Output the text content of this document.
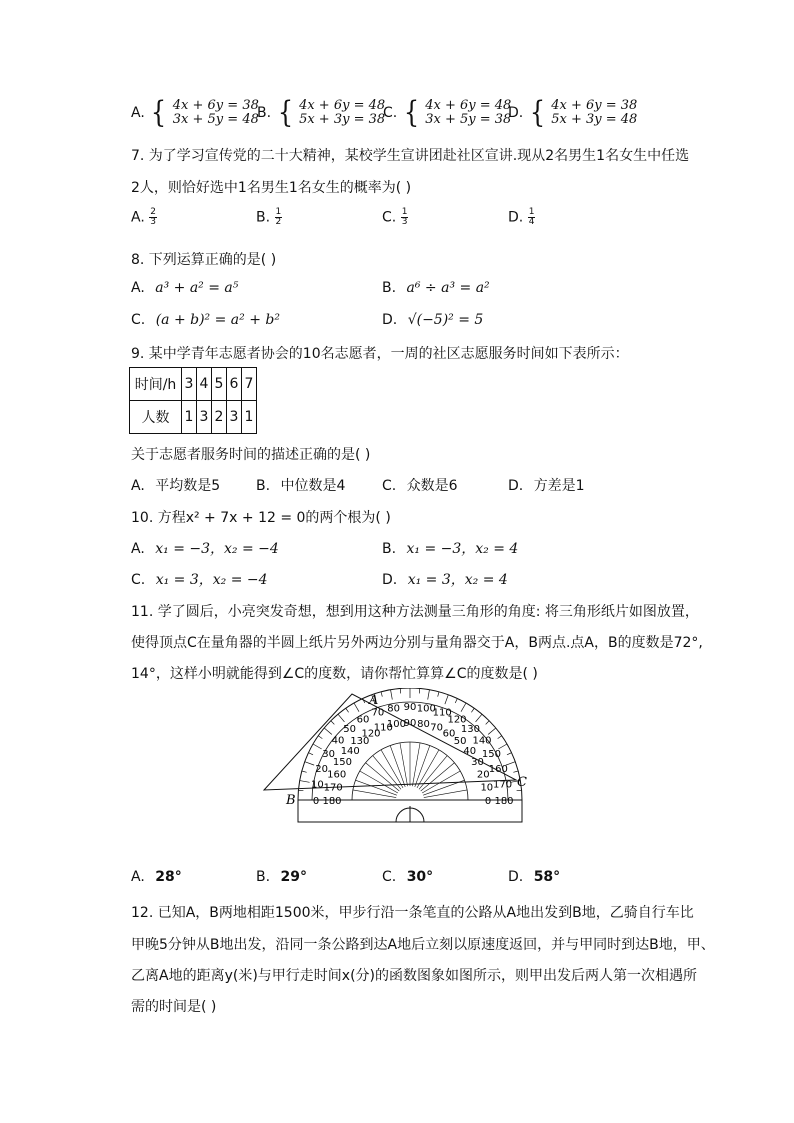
A. { 4x + 6y = 38
3x + 5y = 48
B. { 4x + 6y = 48
5x + 3y = 38
C. { 4x + 6y = 48
3x + 5y = 38
D. { 4x + 6y = 38
5x + 3y = 48
7. 为了学习宣传党的二十大精神，某校学生宣讲团赴社区宣讲.现从2名男生1名女生中任选
2人，则恰好选中1名男生1名女生的概率为( )
A. $\frac{2}{3}$	B. $\frac{1}{2}$	C. $\frac{1}{3}$	D. $\frac{1}{4}$
8. 下列运算正确的是( )
A. a³ + a² = a⁵	B. a⁶ ÷ a³ = a²
C. (a + b)² = a² + b²	D. √(−5)² = 5
9. 某中学青年志愿者协会的10名志愿者，一周的社区志愿服务时间如下表所示：
时间/h	3	4	5	6	7
人数	1	3	2	3	1
关于志愿者服务时间的描述正确的是( )
A. 平均数是5	B. 中位数是4	C. 众数是6	D. 方差是1
10. 方程x² + 7x + 12 = 0的两个根为( )
A. x₁ = −3，x₂ = −4	B. x₁ = −3，x₂ = 4
C. x₁ = 3，x₂ = −4	D. x₁ = 3，x₂ = 4
11. 学了圆后，小亮突发奇想，想到用这种方法测量三角形的角度: 将三角形纸片如图放置，
使得顶点C在量角器的半圆上纸片另外两边分别与量角器交于A，B两点.点A，B的度数是72°,
14°，这样小明就能得到∠C的度数，请你帮忙算算∠C的度数是( )
0 180
10 170
20 160
30
150
40
140
50
130
60
120
70
110
80
100
90
90
100
80
110
70
120
60 130
50 140
40 150
30
160
20
170
10
180
0
A
B
C
A. 28°	B. 29°	C. 30°	D. 58°
12. 已知A，B两地相距1500米，甲步行沿一条笔直的公路从A地出发到B地，乙骑自行车比
甲晚5分钟从B地出发，沿同一条公路到达A地后立刻以原速度返回，并与甲同时到达B地，甲、
乙离A地的距离y(米)与甲行走时间x(分)的函数图象如图所示，则甲出发后两人第一次相遇所
需的时间是( )
